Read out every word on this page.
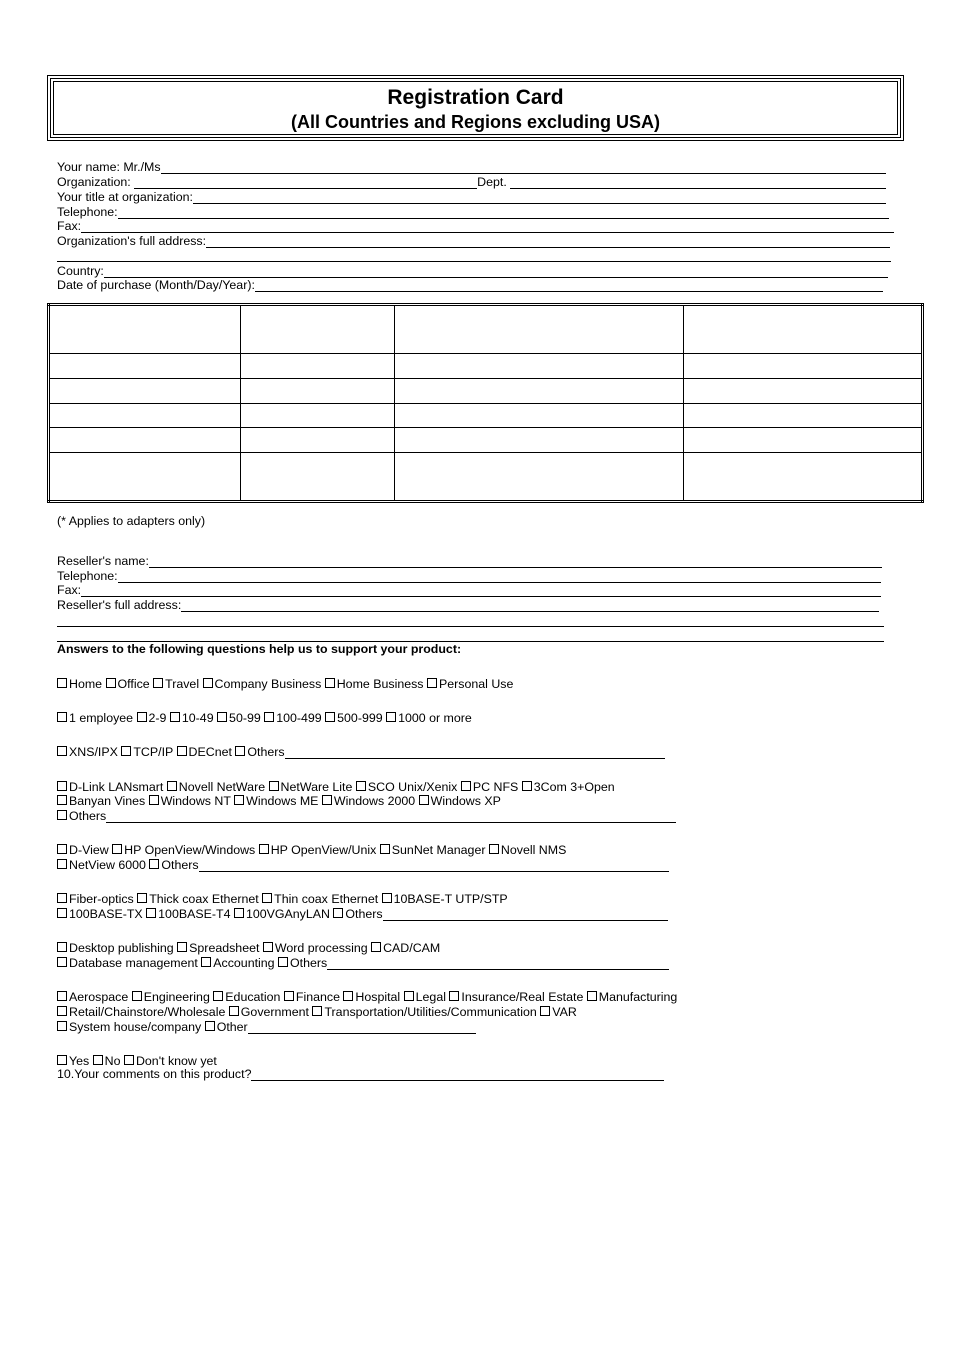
Registration Card
(All Countries and Regions excluding USA)
Your name: Mr./Ms
Organization:	Dept.
Your title at organization:
Telephone:
Fax:
Organization's full address:
Country:
Date of purchase (Month/Day/Year):

(* Applies to adapters only)
Reseller's name:
Telephone:
Fax:
Reseller's full address:
Answers to the following questions help us to support your product:
Home Office Travel Company Business Home Business Personal Use
1 employee 2-9 10-49 50-99 100-499 500-999 1000 or more
XNS/IPX TCP/IP DECnet Others
D-Link LANsmart Novell NetWare NetWare Lite SCO Unix/Xenix PC NFS 3Com 3+Open
Banyan Vines Windows NT Windows ME Windows 2000 Windows XP
Others
D-View HP OpenView/Windows HP OpenView/Unix SunNet Manager Novell NMS
NetView 6000 Others
Fiber-optics Thick coax Ethernet Thin coax Ethernet 10BASE-T UTP/STP
100BASE-TX 100BASE-T4 100VGAnyLAN Others
Desktop publishing Spreadsheet Word processing CAD/CAM
Database management Accounting Others
Aerospace Engineering Education Finance Hospital Legal Insurance/Real Estate Manufacturing
Retail/Chainstore/Wholesale Government Transportation/Utilities/Communication VAR
System house/company Other
Yes No Don't know yet
10.Your comments on this product?
